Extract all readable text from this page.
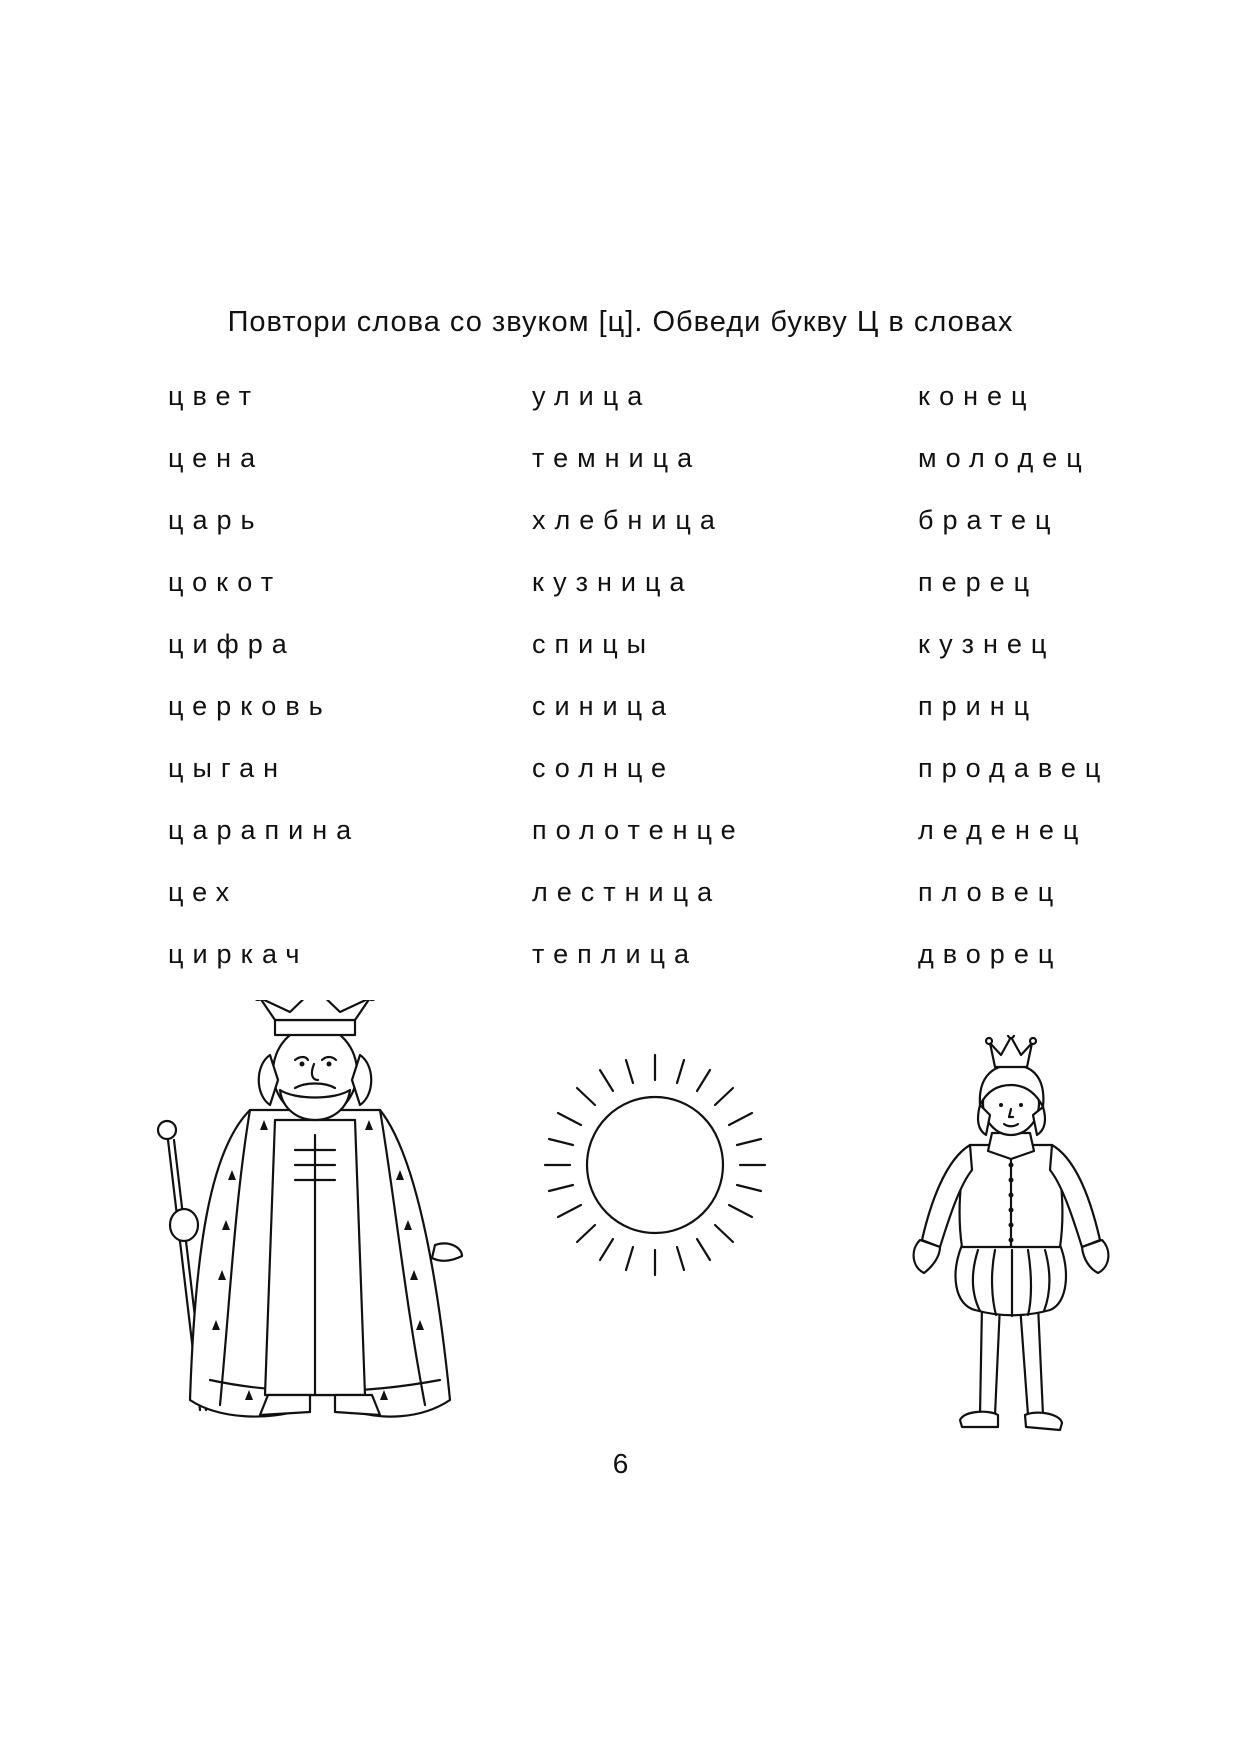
Повтори слова со звуком [ц]. Обведи букву Ц в словах
цвет
цена
царь
цокот
цифра
церковь
цыган
царапина
цех
циркач
улица
темница
хлебница
кузница
спицы
синица
солнце
полотенце
лестница
теплица
конец
молодец
братец
перец
кузнец
принц
продавец
леденец
пловец
дворец
6
